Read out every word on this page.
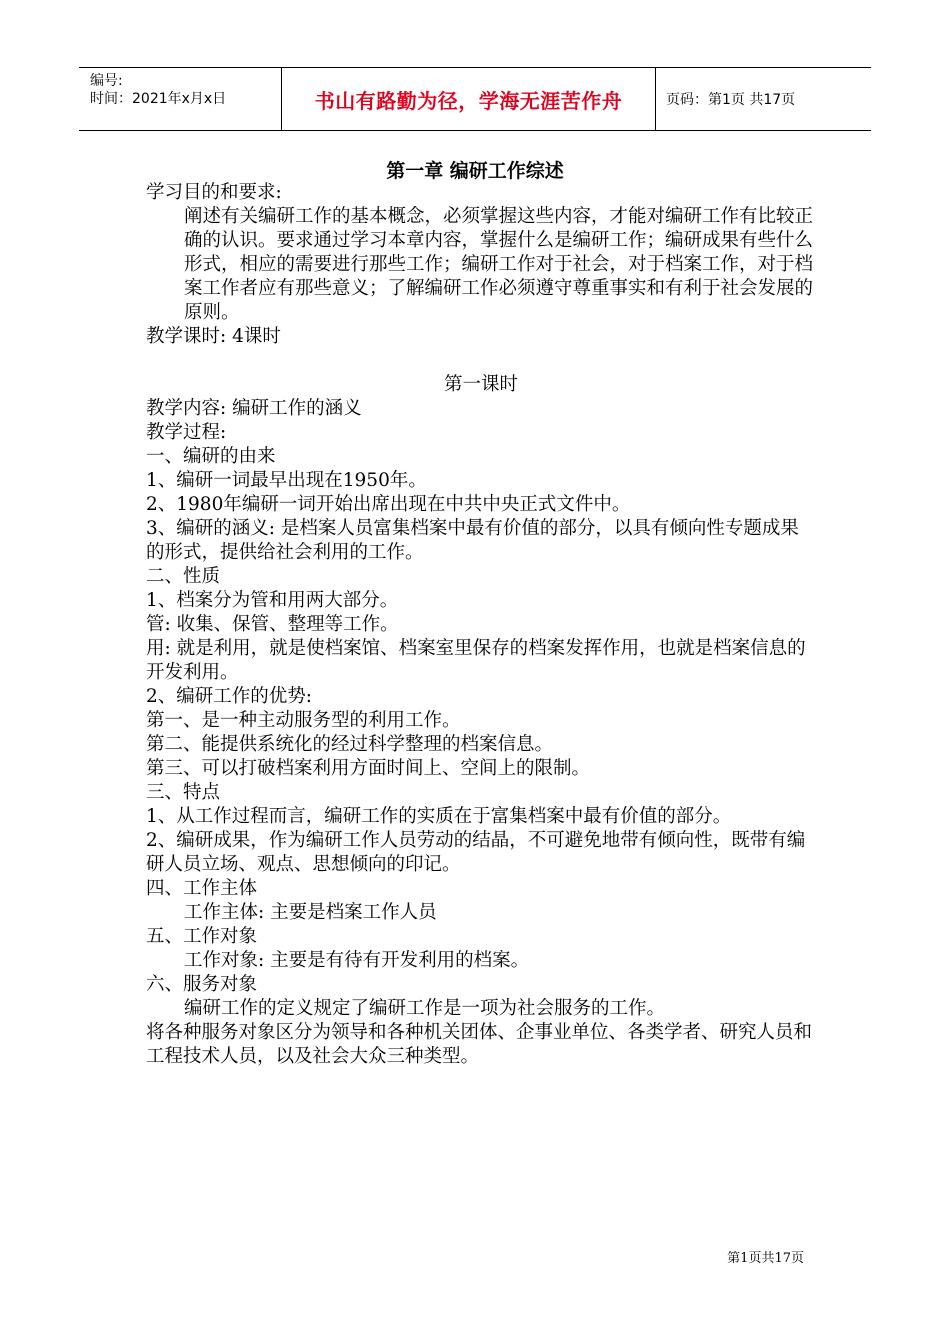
编号:
时间：2021年x月x日	书山有路勤为径，学海无涯苦作舟	页码：第1页 共17页
第一章 编研工作综述

学习目的和要求:

阐述有关编研工作的基本概念，必须掌握这些内容，才能对编研工作有比较正确的认识。要求通过学习本章内容，掌握什么是编研工作；编研成果有些什么形式，相应的需要进行那些工作；编研工作对于社会，对于档案工作，对于档案工作者应有那些意义；了解编研工作必须遵守尊重事实和有利于社会发展的原则。

教学课时: 4课时

第一课时

教学内容: 编研工作的涵义

教学过程:

一、编研的由来

1、编研一词最早出现在1950年。

2、1980年编研一词开始出席出现在中共中央正式文件中。

3、编研的涵义: 是档案人员富集档案中最有价值的部分，以具有倾向性专题成果的形式，提供给社会利用的工作。

二、性质

1、档案分为管和用两大部分。

管: 收集、保管、整理等工作。

用: 就是利用，就是使档案馆、档案室里保存的档案发挥作用，也就是档案信息的开发利用。

2、编研工作的优势:

第一、是一种主动服务型的利用工作。

第二、能提供系统化的经过科学整理的档案信息。

第三、可以打破档案利用方面时间上、空间上的限制。

三、特点

1、从工作过程而言，编研工作的实质在于富集档案中最有价值的部分。

2、编研成果，作为编研工作人员劳动的结晶，不可避免地带有倾向性，既带有编研人员立场、观点、思想倾向的印记。

四、工作主体

工作主体: 主要是档案工作人员

五、工作对象

工作对象: 主要是有待有开发利用的档案。

六、服务对象

编研工作的定义规定了编研工作是一项为社会服务的工作。

将各种服务对象区分为领导和各种机关团体、企事业单位、各类学者、研究人员和工程技术人员，以及社会大众三种类型。

第1页共17页
